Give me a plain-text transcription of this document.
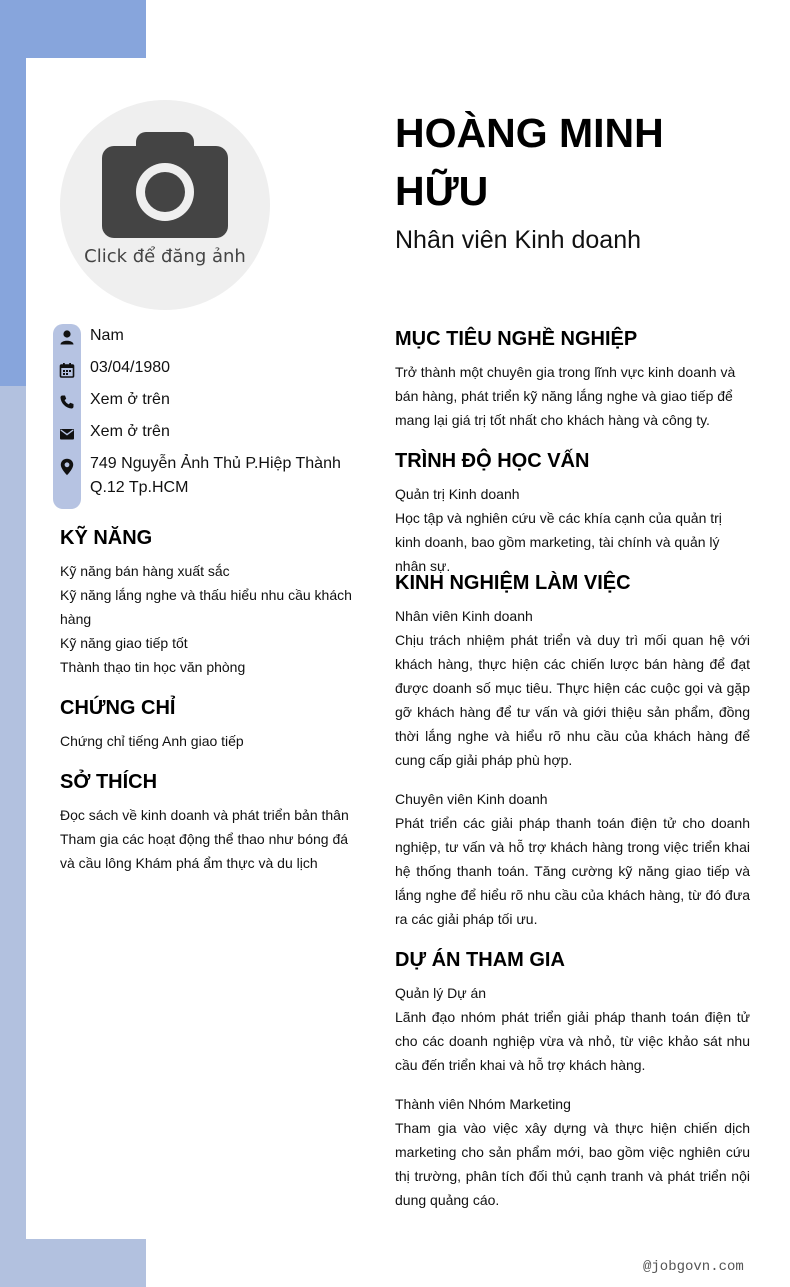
Click để đăng ảnh
HOÀNG MINH HỮU
Nhân viên Kinh doanh
Nam
03/04/1980
Xem ở trên
Xem ở trên
749 Nguyễn Ảnh Thủ P.Hiệp Thành Q.12 Tp.HCM
KỸ NĂNG
Kỹ năng bán hàng xuất sắc
Kỹ năng lắng nghe và thấu hiểu nhu cầu khách hàng
Kỹ năng giao tiếp tốt
Thành thạo tin học văn phòng
CHỨNG CHỈ
Chứng chỉ tiếng Anh giao tiếp
SỞ THÍCH
Đọc sách về kinh doanh và phát triển bản thân Tham gia các hoạt động thể thao như bóng đá và cầu lông Khám phá ẩm thực và du lịch
MỤC TIÊU NGHỀ NGHIỆP
Trở thành một chuyên gia trong lĩnh vực kinh doanh và bán hàng, phát triển kỹ năng lắng nghe và giao tiếp để mang lại giá trị tốt nhất cho khách hàng và công ty.
TRÌNH ĐỘ HỌC VẤN
Quản trị Kinh doanh
Học tập và nghiên cứu về các khía cạnh của quản trị kinh doanh, bao gồm marketing, tài chính và quản lý nhân sự.
KINH NGHIỆM LÀM VIỆC
Nhân viên Kinh doanh
Chịu trách nhiệm phát triển và duy trì mối quan hệ với khách hàng, thực hiện các chiến lược bán hàng để đạt được doanh số mục tiêu. Thực hiện các cuộc gọi và gặp gỡ khách hàng để tư vấn và giới thiệu sản phẩm, đồng thời lắng nghe và hiểu rõ nhu cầu của khách hàng để cung cấp giải pháp phù hợp.
Chuyên viên Kinh doanh
Phát triển các giải pháp thanh toán điện tử cho doanh nghiệp, tư vấn và hỗ trợ khách hàng trong việc triển khai hệ thống thanh toán. Tăng cường kỹ năng giao tiếp và lắng nghe để hiểu rõ nhu cầu của khách hàng, từ đó đưa ra các giải pháp tối ưu.
DỰ ÁN THAM GIA
Quản lý Dự án
Lãnh đạo nhóm phát triển giải pháp thanh toán điện tử cho các doanh nghiệp vừa và nhỏ, từ việc khảo sát nhu cầu đến triển khai và hỗ trợ khách hàng.
Thành viên Nhóm Marketing
Tham gia vào việc xây dựng và thực hiện chiến dịch marketing cho sản phẩm mới, bao gồm việc nghiên cứu thị trường, phân tích đối thủ cạnh tranh và phát triển nội dung quảng cáo.
@jobgovn.com
